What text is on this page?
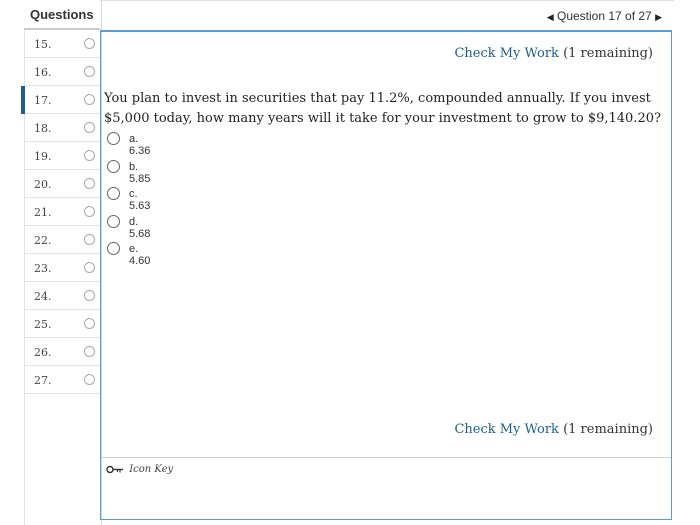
Questions
15.
16.
17.
18.
19.
20.
21.
22.
23.
24.
25.
26.
27.
◀ Question 17 of 27 ▶
Check My Work (1 remaining)
You plan to invest in securities that pay 11.2%, compounded annually. If you invest $5,000 today, how many years will it take for your investment to grow to $9,140.20?
a. 6.36
b. 5.85
c. 5.63
d. 5.68
e. 4.60
Check My Work (1 remaining)
Icon Key
